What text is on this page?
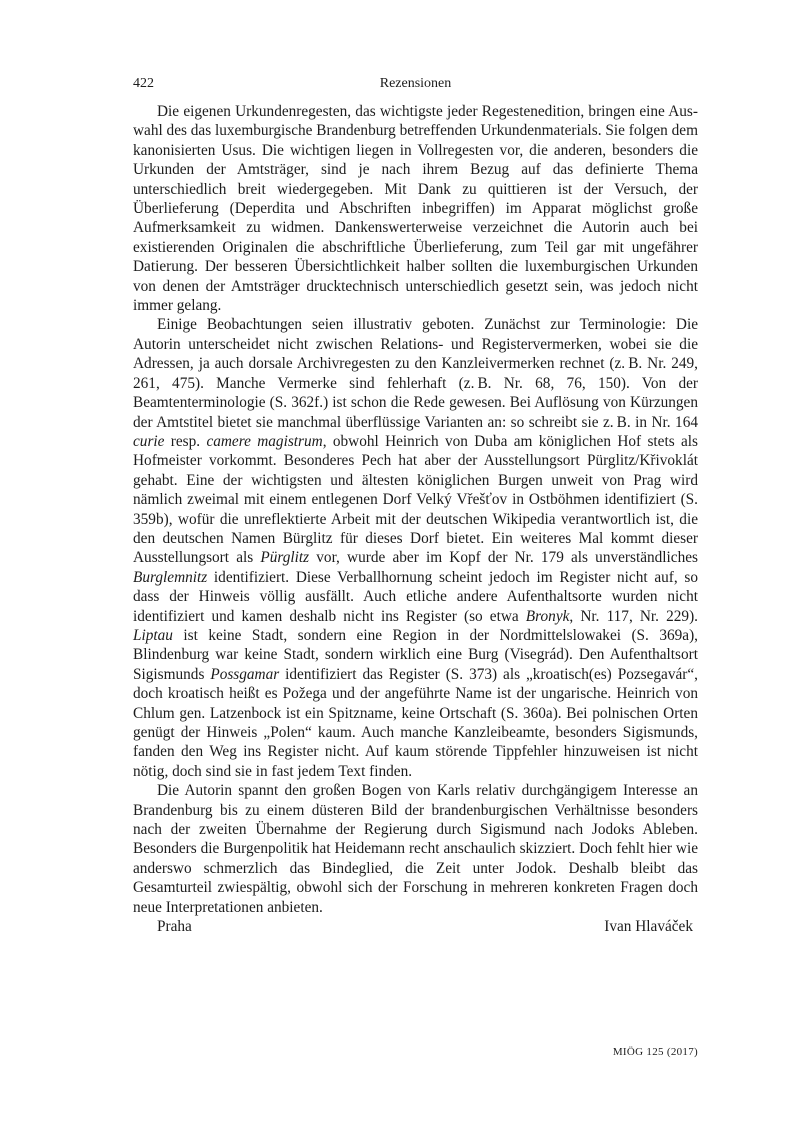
422	Rezensionen

Die eigenen Urkundenregesten, das wichtigste jeder Regestenedition, bringen eine Auswahl des das luxemburgische Brandenburg betreffenden Urkundenmaterials. Sie folgen dem kanonisierten Usus. Die wichtigen liegen in Vollregesten vor, die anderen, besonders die Urkunden der Amtsträger, sind je nach ihrem Bezug auf das definierte Thema unterschiedlich breit wiedergegeben. Mit Dank zu quittieren ist der Versuch, der Überlieferung (Deperdita und Abschriften inbegriffen) im Apparat möglichst große Aufmerksamkeit zu widmen. Dankenswerterweise verzeichnet die Autorin auch bei existierenden Originalen die abschriftliche Überlieferung, zum Teil gar mit ungefährer Datierung. Der besseren Übersichtlichkeit halber sollten die luxemburgischen Urkunden von denen der Amtsträger drucktechnisch unterschiedlich gesetzt sein, was jedoch nicht immer gelang.

Einige Beobachtungen seien illustrativ geboten. Zunächst zur Terminologie: Die Autorin unterscheidet nicht zwischen Relations- und Registervermerken, wobei sie die Adressen, ja auch dorsale Archivregesten zu den Kanzleivermerken rechnet (z. B. Nr. 249, 261, 475). Manche Vermerke sind fehlerhaft (z. B. Nr. 68, 76, 150). Von der Beamtenterminologie (S. 362f.) ist schon die Rede gewesen. Bei Auflösung von Kürzungen der Amtstitel bietet sie manchmal überflüssige Varianten an: so schreibt sie z. B. in Nr. 164 curie resp. camere magistrum, obwohl Heinrich von Duba am königlichen Hof stets als Hofmeister vorkommt. Besonderes Pech hat aber der Ausstellungsort Pürglitz/Křivoklát gehabt. Eine der wichtigsten und ältesten königlichen Burgen unweit von Prag wird nämlich zweimal mit einem entlegenen Dorf Velký Vřešťov in Ostböhmen identifiziert (S. 359b), wofür die unreflektierte Arbeit mit der deutschen Wikipedia verantwortlich ist, die den deutschen Namen Bürglitz für dieses Dorf bietet. Ein weiteres Mal kommt dieser Ausstellungsort als Pürglitz vor, wurde aber im Kopf der Nr. 179 als unverständliches Burglemnitz identifiziert. Diese Verballhornung scheint jedoch im Register nicht auf, so dass der Hinweis völlig ausfällt. Auch etliche andere Aufenthaltsorte wurden nicht identifiziert und kamen deshalb nicht ins Register (so etwa Bronyk, Nr. 117, Nr. 229). Liptau ist keine Stadt, sondern eine Region in der Nordmittelslowakei (S. 369a), Blindenburg war keine Stadt, sondern wirklich eine Burg (Visegrád). Den Aufenthaltsort Sigismunds Possgamar identifiziert das Register (S. 373) als „kroatisch(es) Pozsegavár“, doch kroatisch heißt es Požega und der angeführte Name ist der ungarische. Heinrich von Chlum gen. Latzenbock ist ein Spitzname, keine Ortschaft (S. 360a). Bei polnischen Orten genügt der Hinweis „Polen“ kaum. Auch manche Kanzleibeamte, besonders Sigismunds, fanden den Weg ins Register nicht. Auf kaum störende Tippfehler hinzuweisen ist nicht nötig, doch sind sie in fast jedem Text finden.

Die Autorin spannt den großen Bogen von Karls relativ durchgängigem Interesse an Brandenburg bis zu einem düsteren Bild der brandenburgischen Verhältnisse besonders nach der zweiten Übernahme der Regierung durch Sigismund nach Jodoks Ableben. Besonders die Burgenpolitik hat Heidemann recht anschaulich skizziert. Doch fehlt hier wie anderswo schmerzlich das Bindeglied, die Zeit unter Jodok. Deshalb bleibt das Gesamturteil zwiespältig, obwohl sich der Forschung in mehreren konkreten Fragen doch neue Interpretationen anbieten.

Praha	Ivan Hlaváček
MIÖG 125 (2017)
